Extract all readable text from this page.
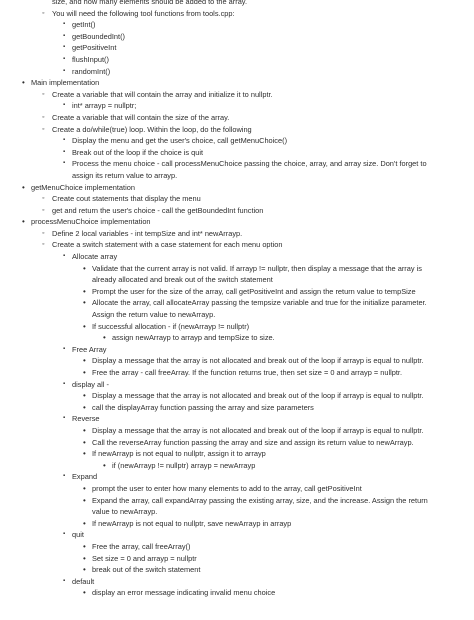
size, and how many elements should be added to the array.
◦ You will need the following tool functions from tools.cpp:
▪ getInt()
▪ getBoundedInt()
▪ getPositiveInt
▪ flushInput()
▪ randomInt()
• Main implementation
◦ Create a variable that will contain the array and initialize it to nullptr.
▪ int* arrayp = nullptr;
◦ Create a variable that will contain the size of the array.
◦ Create a do/while(true) loop. Within the loop, do the following
▪ Display the menu and get the user's choice, call getMenuChoice()
▪ Break out of the loop if the choice is quit
▪ Process the menu choice - call processMenuChoice passing the choice, array, and array size. Don't forget to assign its return value to arrayp.
• getMenuChoice implementation
◦ Create cout statements that display the menu
◦ get and return the user's choice - call the getBoundedInt function
• processMenuChoice implementation
◦ Define 2 local variables - int tempSize and int* newArrayp.
◦ Create a switch statement with a case statement for each menu option
▪ Allocate array
• Validate that the current array is not valid. If arrayp != nullptr, then display a message that the array is already allocated and break out of the switch statement
• Prompt the user for the size of the array, call getPositiveInt and assign the return value to tempSize
• Allocate the array, call allocateArray passing the tempsize variable and true for the initialize parameter. Assign the return value to newArrayp.
• If successful allocation - if (newArrayp != nullptr)
• assign newArrayp to arrayp and tempSize to size.
▪ Free Array
• Display a message that the array is not allocated and break out of the loop if arrayp is equal to nullptr.
• Free the array - call freeArray. If the function returns true, then set size = 0 and arrayp = nullptr.
▪ display all -
• Display a message that the array is not allocated and break out of the loop if arrayp is equal to nullptr.
• call the displayArray function passing the array and size parameters
▪ Reverse
• Display a message that the array is not allocated and break out of the loop if arrayp is equal to nullptr.
• Call the reverseArray function passing the array and size and assign its return value to newArrayp.
• If newArrayp is not equal to nullptr, assign it to arrayp
• if (newArrayp != nullptr) arrayp = newArrayp
▪ Expand
• prompt the user to enter how many elements to add to the array, call getPositiveInt
• Expand the array, call expandArray passing the existing array, size, and the increase. Assign the return value to newArrayp.
• If newArrayp is not equal to nullptr, save newArrayp in arrayp
▪ quit
• Free the array, call freeArray()
• Set size = 0 and arrayp = nullptr
• break out of the switch statement
▪ default
• display an error message indicating invalid menu choice
